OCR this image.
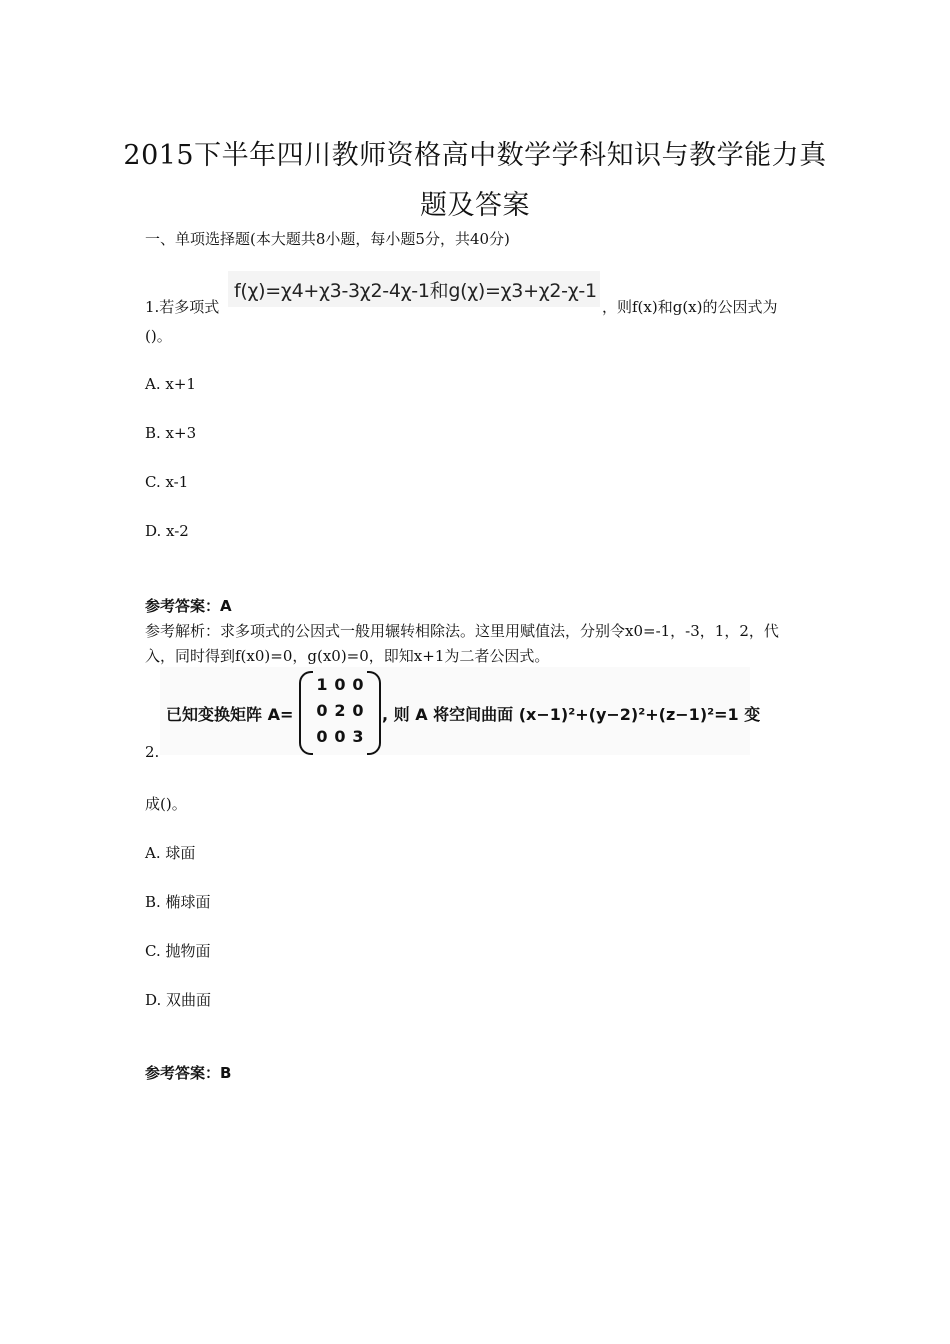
2015下半年四川教师资格高中数学学科知识与教学能力真
题及答案
一、单项选择题(本大题共8小题，每小题5分，共40分)
1.若多项式
f(χ)=χ4+χ3-3χ2-4χ-1和g(χ)=χ3+χ2-χ-1
，则f(x)和g(x)的公因式为
()。
A. x+1
B. x+3
C. x-1
D. x-2
参考答案：A
参考解析：求多项式的公因式一般用辗转相除法。这里用赋值法，分别令x0=-1，-3，1，2，代
入，同时得到f(x0)=0，g(x0)=0，即知x+1为二者公因式。
已知变换矩阵 A=
1 0 0
0 2 0
0 0 3
, 则 A 将空间曲面 (x−1)²+(y−2)²+(z−1)²=1 变
2.
成()。
A. 球面
B. 椭球面
C. 抛物面
D. 双曲面
参考答案：B
